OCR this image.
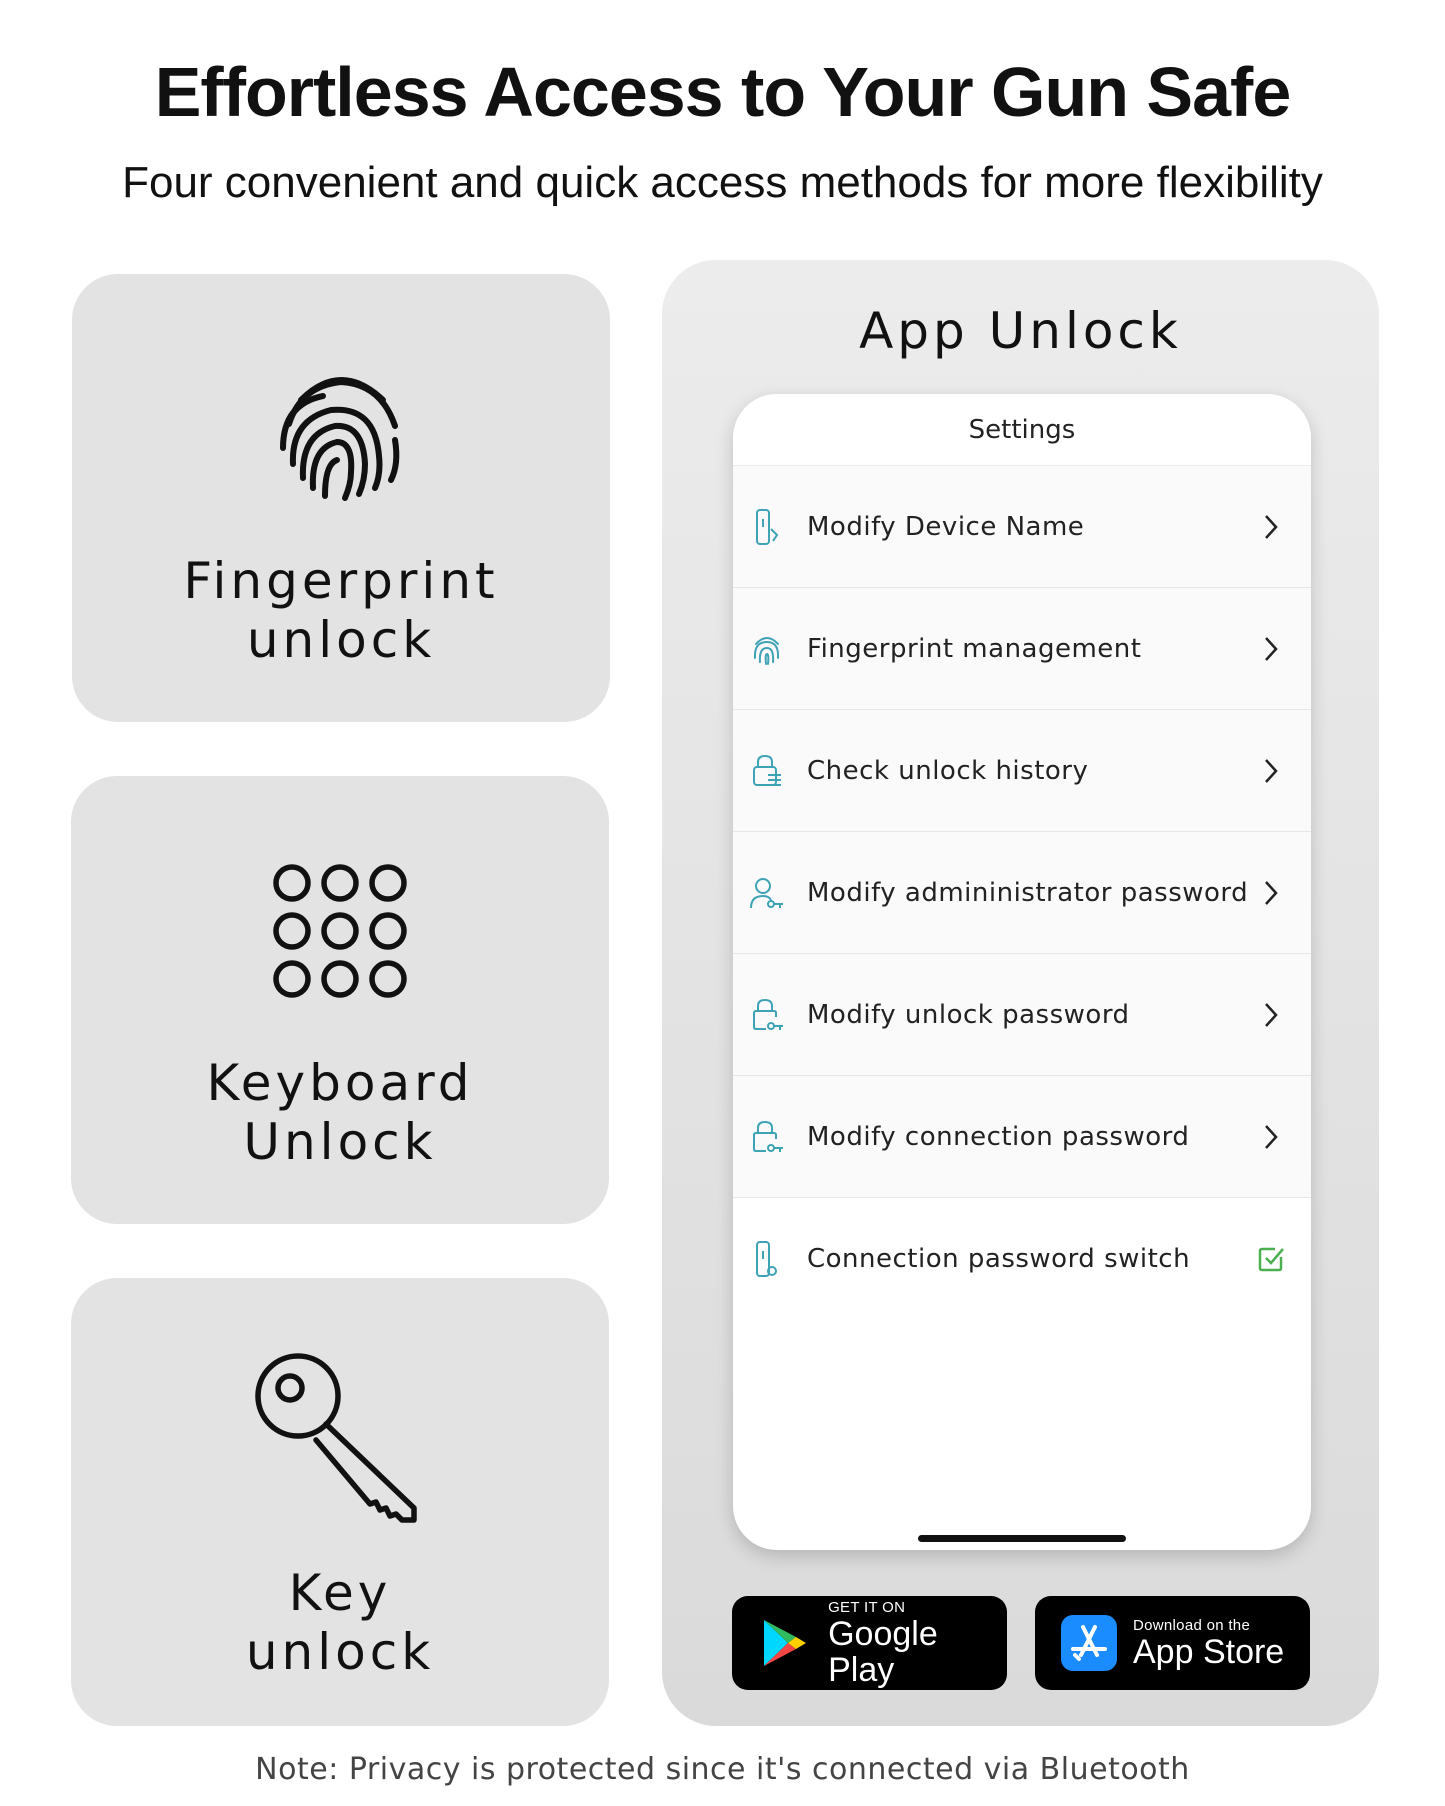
Effortless Access to Your Gun Safe
Four convenient and quick access methods for more flexibility
Fingerprint
unlock
Keyboard
Unlock
Key
unlock
App Unlock
Settings
Modify Device Name
Fingerprint management
Check unlock history
Modify admininistrator password
Modify unlock password
Modify connection password
Connection password switch
GET IT ON
Google Play
Download on the
App Store
Note: Privacy is protected since it's connected via Bluetooth
